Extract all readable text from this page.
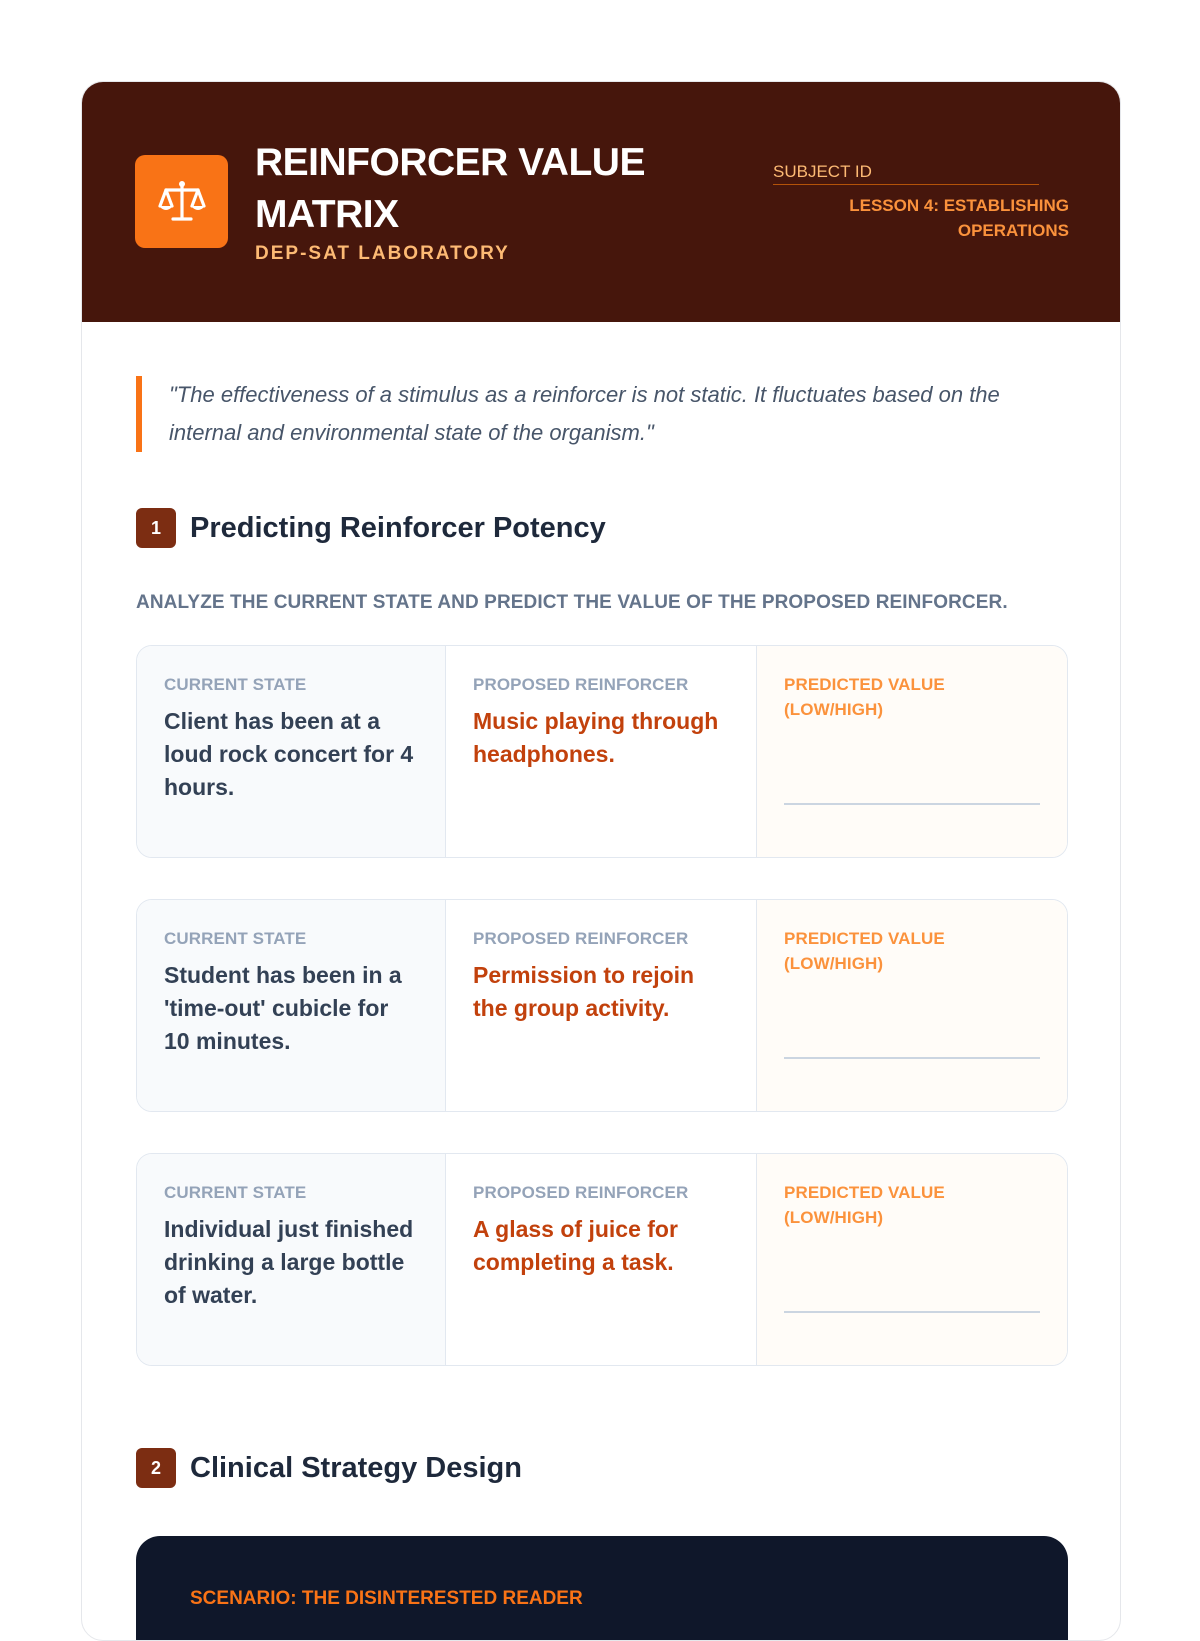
REINFORCER VALUE MATRIX
DEP-SAT LABORATORY
SUBJECT ID
LESSON 4: ESTABLISHING OPERATIONS
"The effectiveness of a stimulus as a reinforcer is not static. It fluctuates based on the internal and environmental state of the organism."
1	Predicting Reinforcer Potency
ANALYZE THE CURRENT STATE AND PREDICT THE VALUE OF THE PROPOSED REINFORCER.
CURRENT STATE
Client has been at a loud rock concert for 4 hours.
PROPOSED REINFORCER
Music playing through headphones.
PREDICTED VALUE (LOW/HIGH)
CURRENT STATE
Student has been in a 'time-out' cubicle for 10 minutes.
PROPOSED REINFORCER
Permission to rejoin the group activity.
PREDICTED VALUE (LOW/HIGH)
CURRENT STATE
Individual just finished drinking a large bottle of water.
PROPOSED REINFORCER
A glass of juice for completing a task.
PREDICTED VALUE (LOW/HIGH)
2	Clinical Strategy Design
SCENARIO: THE DISINTERESTED READER
